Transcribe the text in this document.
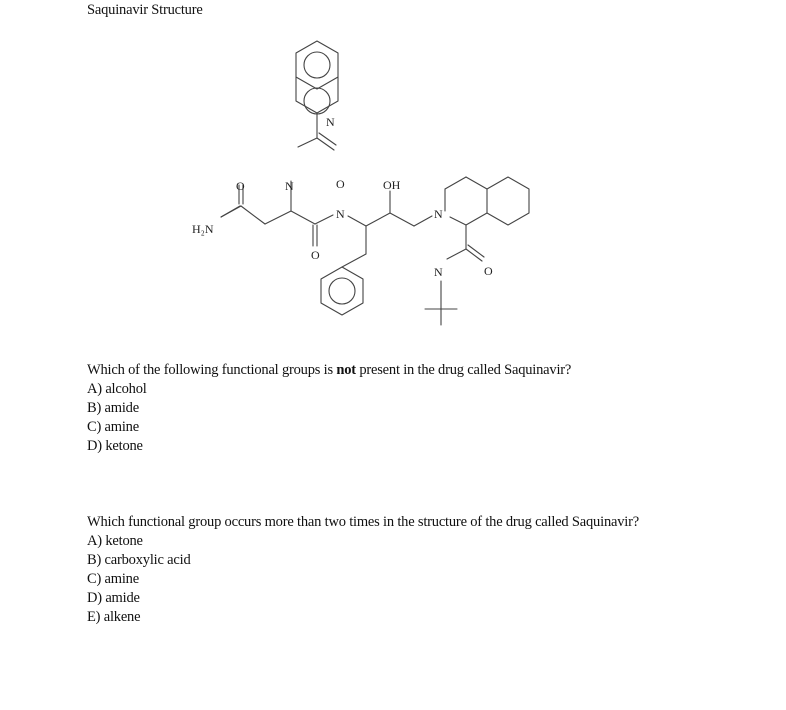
Saquinavir Structure
N
N	O
H₂N
O
N
O
OH
N
N	O
Which of the following functional groups is not present in the drug called Saquinavir?
A) alcohol
B) amide
C) amine
D) ketone
Which functional group occurs more than two times in the structure of the drug called Saquinavir?
A) ketone
B) carboxylic acid
C) amine
D) amide
E) alkene
